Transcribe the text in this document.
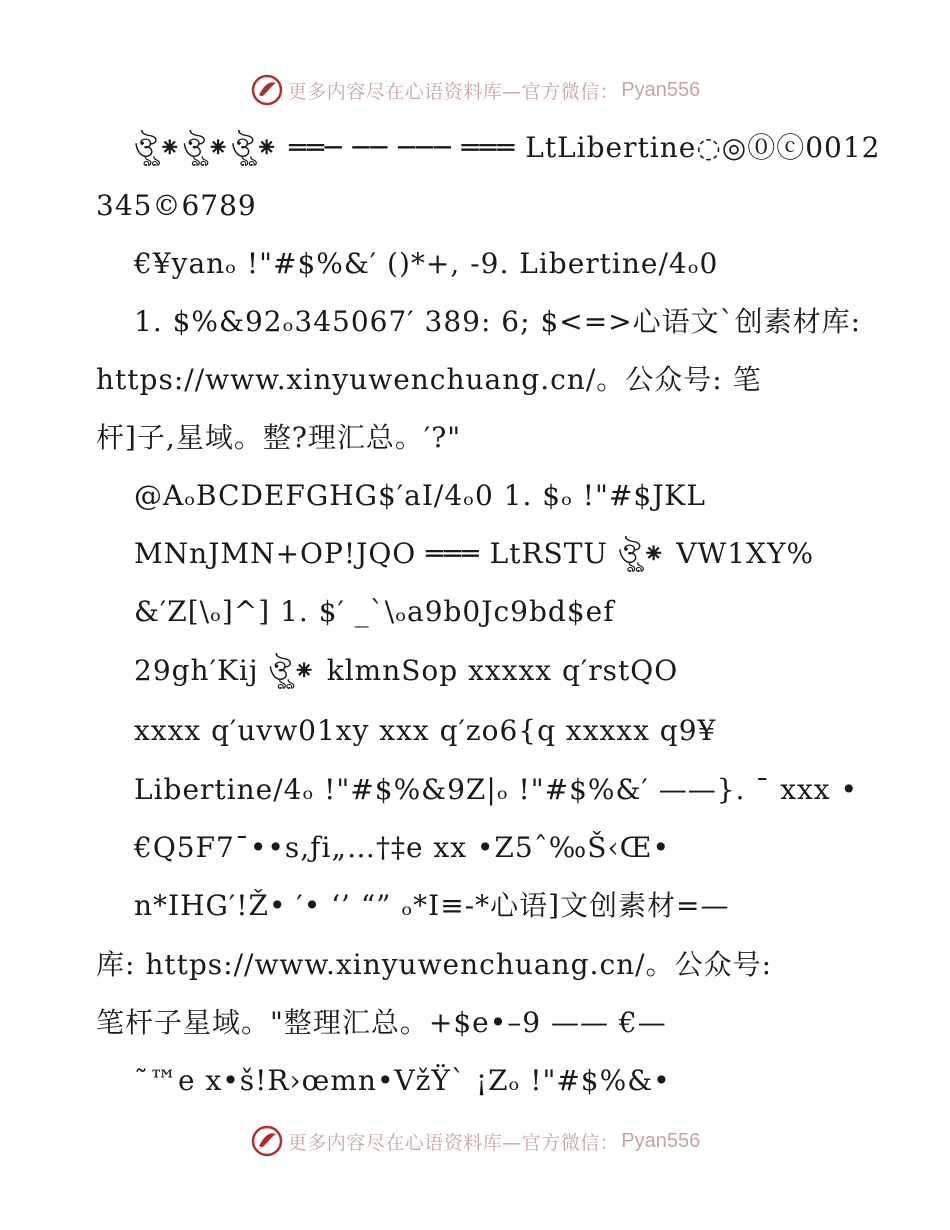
更多内容尽在心语资料库—官方微信： Pyan556
ঔৣ⁕ঔৣ⁕ঔৣ⁕ ══─ ── ─── ═══ LtLibertine◌◎⓪ⓒ0012
345©6789
€¥yanₒ !"#$%&′ ()*+, -9. Libertine/4ₒ0
1. $%&92ₒ345067′ 389: 6; $<=>心语文`创素材库:
https://www.xinyuwenchuang.cn/。公众号: 笔
杆]子,星域。整?理汇总。′?"
@AₒBCDEFGHG$′aI/4ₒ0 1. $ₒ !"#$JKL
MNnJMN+OP!JQO ═══ LtRSTU ঔৣ⁕ VW1XY%
&′Z[\ₒ]^] 1. $′ _`\ₒa9b0Jc9bd$ef
29gh′Kij ঔৣ⁕ klmnSop xxxxx q′rstQO
xxxx q′uvw01xy xxx q′zo6{q xxxxx q9¥
Libertine/4ₒ !"#$%&9Z|ₒ !"#$%&′ ——}. ¯ xxx •
€Q5F7¯••s,ƒi„…†‡e xx •Z5ˆ‰Š‹Œ•
n*IHG′!Ž• ′• ‘’ “” ₒ*I≡-*心语]文创素材=—
库: https://www.xinyuwenchuang.cn/。公众号:
笔杆子星域。"整理汇总。+$e•–9 —— €—
˜™e x•š!R›œmn•VžŸ` ¡Zₒ !"#$%&•
更多内容尽在心语资料库—官方微信： Pyan556
